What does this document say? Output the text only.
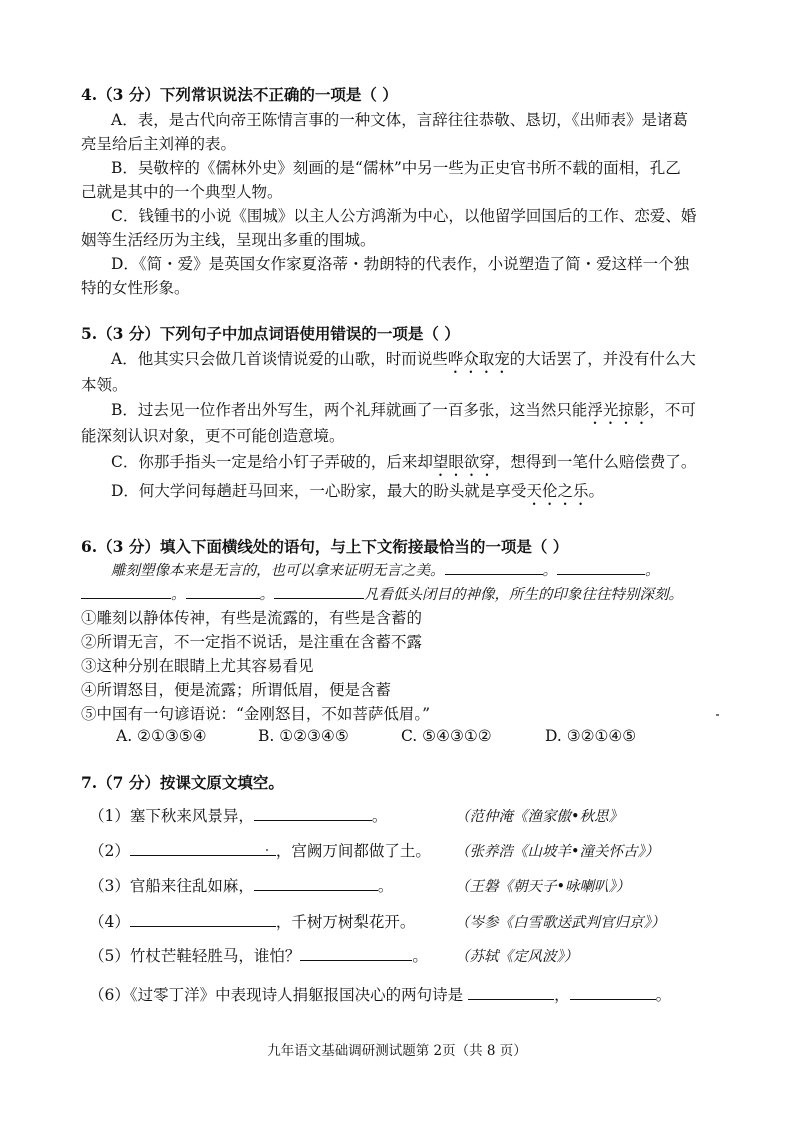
4.（3 分）下列常识说法不正确的一项是（ ）
A．表，是古代向帝王陈情言事的一种文体，言辞往往恭敬、恳切，《出师表》是诸葛
亮呈给后主刘禅的表。
B．吴敬梓的《儒林外史》刻画的是“儒林”中另一些为正史官书所不载的面相，孔乙
己就是其中的一个典型人物。
C．钱锺书的小说《围城》以主人公方鸿渐为中心，以他留学回国后的工作、恋爱、婚
姻等生活经历为主线，呈现出多重的围城。
D．《简・爱》是英国女作家夏洛蒂・勃朗特的代表作，小说塑造了简・爱这样一个独
特的女性形象。
5.（3 分）下列句子中加点词语使用错误的一项是（ ）
A．他其实只会做几首谈情说爱的山歌，时而说些哗众取宠的大话罢了，并没有什么大
本领。
B．过去见一位作者出外写生，两个礼拜就画了一百多张，这当然只能浮光掠影，不可
能深刻认识对象，更不可能创造意境。
C．你那手指头一定是给小钉子弄破的，后来却望眼欲穿，想得到一笔什么赔偿费了。
D．何大学问每趟赶马回来，一心盼家，最大的盼头就是享受天伦之乐。
6.（3 分）填入下面横线处的语句，与上下文衔接最恰当的一项是（ ）
雕刻塑像本来是无言的，也可以拿来证明无言之美。	。	。
。	。	凡看低头闭目的神像，所生的印象往往特别深刻。
①雕刻以静体传神，有些是流露的，有些是含蓄的
②所谓无言，不一定指不说话，是注重在含蓄不露
③这种分别在眼睛上尤其容易看见
④所谓怒目，便是流露；所谓低眉，便是含蓄
⑤中国有一句谚语说：“金刚怒目，不如菩萨低眉。”
A. ②①③⑤④	B. ①②③④⑤	C. ⑤④③①②	D. ③②①④⑤
7.（7 分）按课文原文填空。
（1）塞下秋来风景异，	。	（范仲淹《渔家傲•秋思》
（2）	，宫阙万间都做了土。 （张养浩《山坡羊•潼关怀古》）
（3）官船来往乱如麻，	。	（王磐《朝天子•咏喇叭》）
（4）	，千树万树梨花开。	（岑参《白雪歌送武判官归京》）
（5）竹杖芒鞋轻胜马，谁怕？	。 （苏轼《定风波》）
（6）《过零丁洋》中表现诗人捐躯报国决心的两句诗是	，	。
九年语文基础调研测试题第 2页（共 8 页）
